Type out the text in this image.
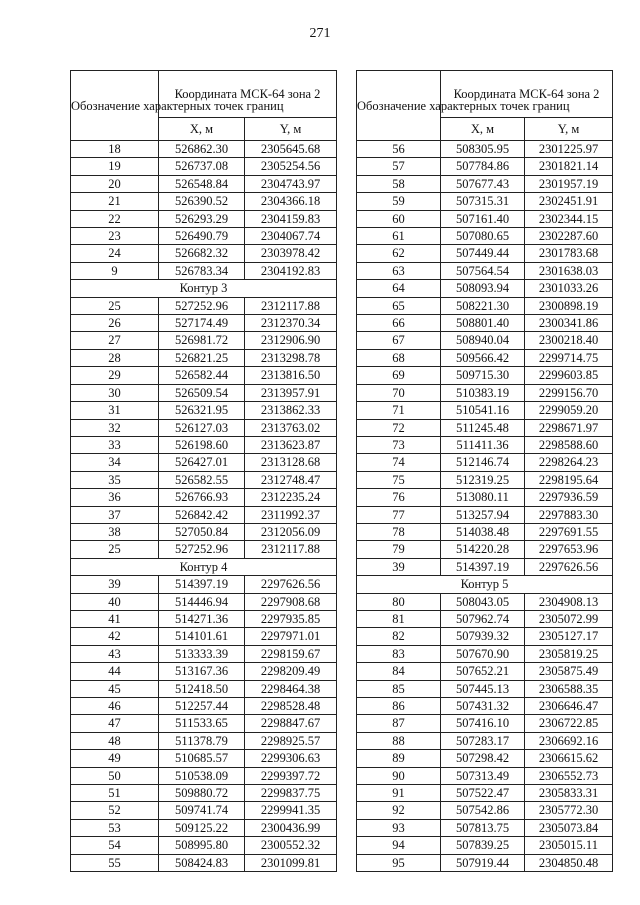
271
Обозначение характерных точек границ	Координата МСК-64 зона 2	
	X, м	Y, м
18	526862.30	2305645.68
19	526737.08	2305254.56
20	526548.84	2304743.97
21	526390.52	2304366.18
22	526293.29	2304159.83
23	526490.79	2304067.74
24	526682.32	2303978.42
9	526783.34	2304192.83
Контур 3		
25	527252.96	2312117.88
26	527174.49	2312370.34
27	526981.72	2312906.90
28	526821.25	2313298.78
29	526582.44	2313816.50
30	526509.54	2313957.91
31	526321.95	2313862.33
32	526127.03	2313763.02
33	526198.60	2313623.87
34	526427.01	2313128.68
35	526582.55	2312748.47
36	526766.93	2312235.24
37	526842.42	2311992.37
38	527050.84	2312056.09
25	527252.96	2312117.88
Контур 4		
39	514397.19	2297626.56
40	514446.94	2297908.68
41	514271.36	2297935.85
42	514101.61	2297971.01
43	513333.39	2298159.67
44	513167.36	2298209.49
45	512418.50	2298464.38
46	512257.44	2298528.48
47	511533.65	2298847.67
48	511378.79	2298925.57
49	510685.57	2299306.63
50	510538.09	2299397.72
51	509880.72	2299837.75
52	509741.74	2299941.35
53	509125.22	2300436.99
54	508995.80	2300552.32
55	508424.83	2301099.81
Обозначение характерных точек границ	Координата МСК-64 зона 2	
	X, м	Y, м
56	508305.95	2301225.97
57	507784.86	2301821.14
58	507677.43	2301957.19
59	507315.31	2302451.91
60	507161.40	2302344.15
61	507080.65	2302287.60
62	507449.44	2301783.68
63	507564.54	2301638.03
64	508093.94	2301033.26
65	508221.30	2300898.19
66	508801.40	2300341.86
67	508940.04	2300218.40
68	509566.42	2299714.75
69	509715.30	2299603.85
70	510383.19	2299156.70
71	510541.16	2299059.20
72	511245.48	2298671.97
73	511411.36	2298588.60
74	512146.74	2298264.23
75	512319.25	2298195.64
76	513080.11	2297936.59
77	513257.94	2297883.30
78	514038.48	2297691.55
79	514220.28	2297653.96
39	514397.19	2297626.56
Контур 5		
80	508043.05	2304908.13
81	507962.74	2305072.99
82	507939.32	2305127.17
83	507670.90	2305819.25
84	507652.21	2305875.49
85	507445.13	2306588.35
86	507431.32	2306646.47
87	507416.10	2306722.85
88	507283.17	2306692.16
89	507298.42	2306615.62
90	507313.49	2306552.73
91	507522.47	2305833.31
92	507542.86	2305772.30
93	507813.75	2305073.84
94	507839.25	2305015.11
95	507919.44	2304850.48
